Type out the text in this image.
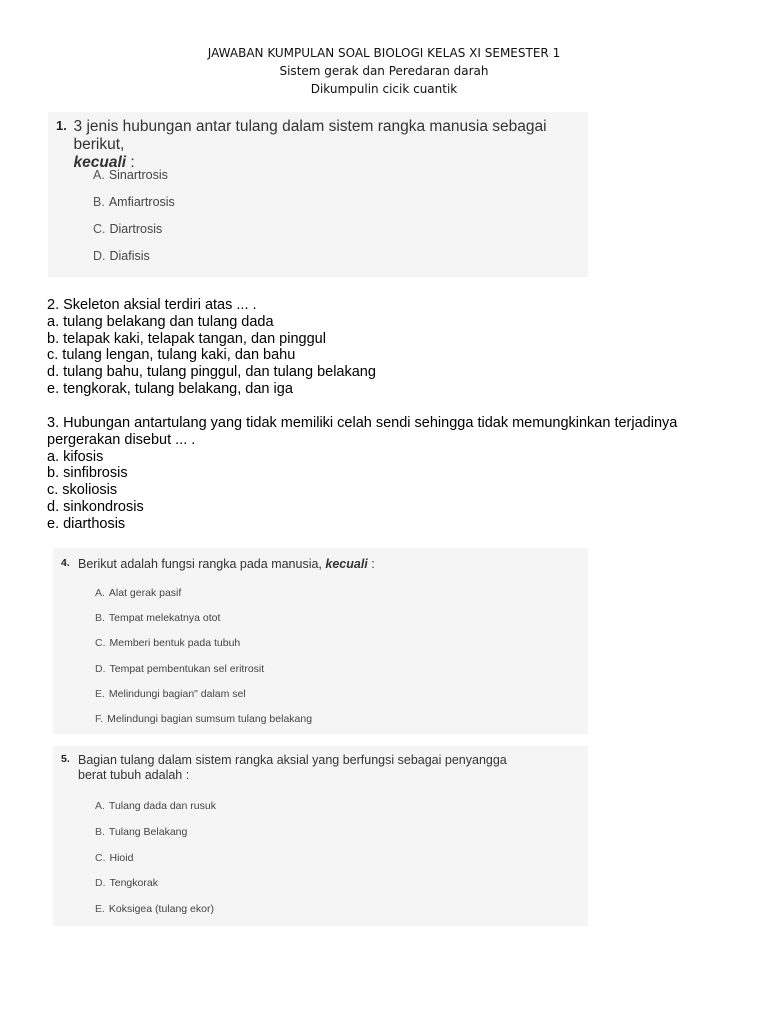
JAWABAN KUMPULAN SOAL BIOLOGI KELAS XI SEMESTER 1
Sistem gerak dan Peredaran darah
Dikumpulin cicik cuantik
1. 3 jenis hubungan antar tulang dalam sistem rangka manusia sebagai berikut,
kecuali :
A. Sinartrosis
B. Amfiartrosis
C. Diartrosis
D. Diafisis
2. Skeleton aksial terdiri atas ... .
a. tulang belakang dan tulang dada
b. telapak kaki, telapak tangan, dan pinggul
c. tulang lengan, tulang kaki, dan bahu
d. tulang bahu, tulang pinggul, dan tulang belakang
e. tengkorak, tulang belakang, dan iga
3. Hubungan antartulang yang tidak memiliki celah sendi sehingga tidak memungkinkan terjadinya
pergerakan disebut ... .
a. kifosis
b. sinfibrosis
c. skoliosis
d. sinkondrosis
e. diarthosis
4. Berikut adalah fungsi rangka pada manusia, kecuali :
A. Alat gerak pasif
B. Tempat melekatnya otot
C. Memberi bentuk pada tubuh
D. Tempat pembentukan sel eritrosit
E. Melindungi bagian" dalam sel
F. Melindungi bagian sumsum tulang belakang
5. Bagian tulang dalam sistem rangka aksial yang berfungsi sebagai penyangga
berat tubuh adalah :
A. Tulang dada dan rusuk
B. Tulang Belakang
C. Hioid
D. Tengkorak
E. Koksigea (tulang ekor)
